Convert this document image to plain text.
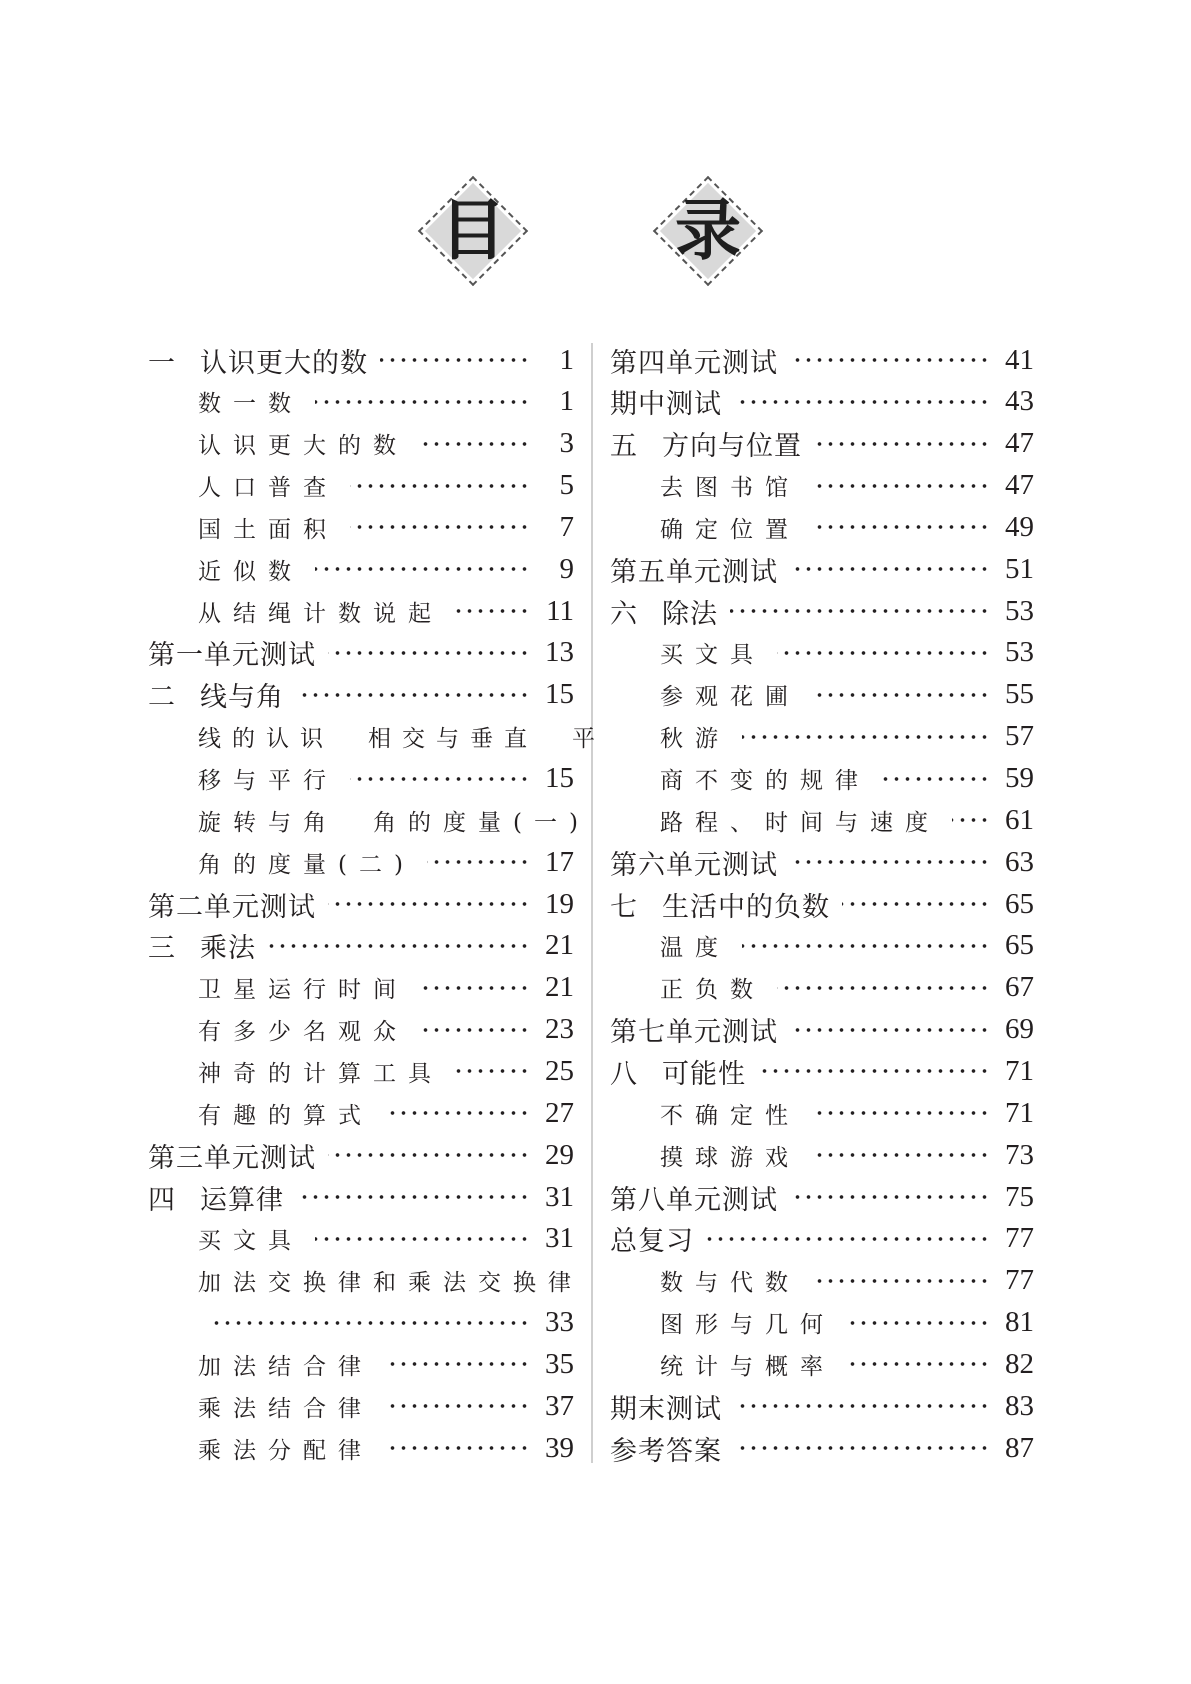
目	录
一 认识更大的数	1
数一数	1
认识更大的数	3
人口普查	5
国土面积	7
近似数	9
从结绳计数说起	11
第一单元测试	13
二 线与角	15
线的认识　相交与垂直　 平
移与平行	15
旋转与角　角的度量(一)
角的度量(二)	17
第二单元测试	19
三 乘法	21
卫星运行时间	21
有多少名观众	23
神奇的计算工具	25
有趣的算式	27
第三单元测试	29
四 运算律	31
买文具	31
加法交换律和乘法交换律
33
加法结合律	35
乘法结合律	37
乘法分配律	39
第四单元测试	41
期中测试	43
五 方向与位置	47
去图书馆	47
确定位置	49
第五单元测试	51
六 除法	53
买文具	53
参观花圃	55
秋游	57
商不变的规律	59
路程、时间与速度 61
第六单元测试	63
七 生活中的负数	65
温度	65
正负数	67
第七单元测试	69
八 可能性	71
不确定性	71
摸球游戏	73
第八单元测试	75
总复习	77
数与代数	77
图形与几何	81
统计与概率	82
期末测试	83
参考答案	87
